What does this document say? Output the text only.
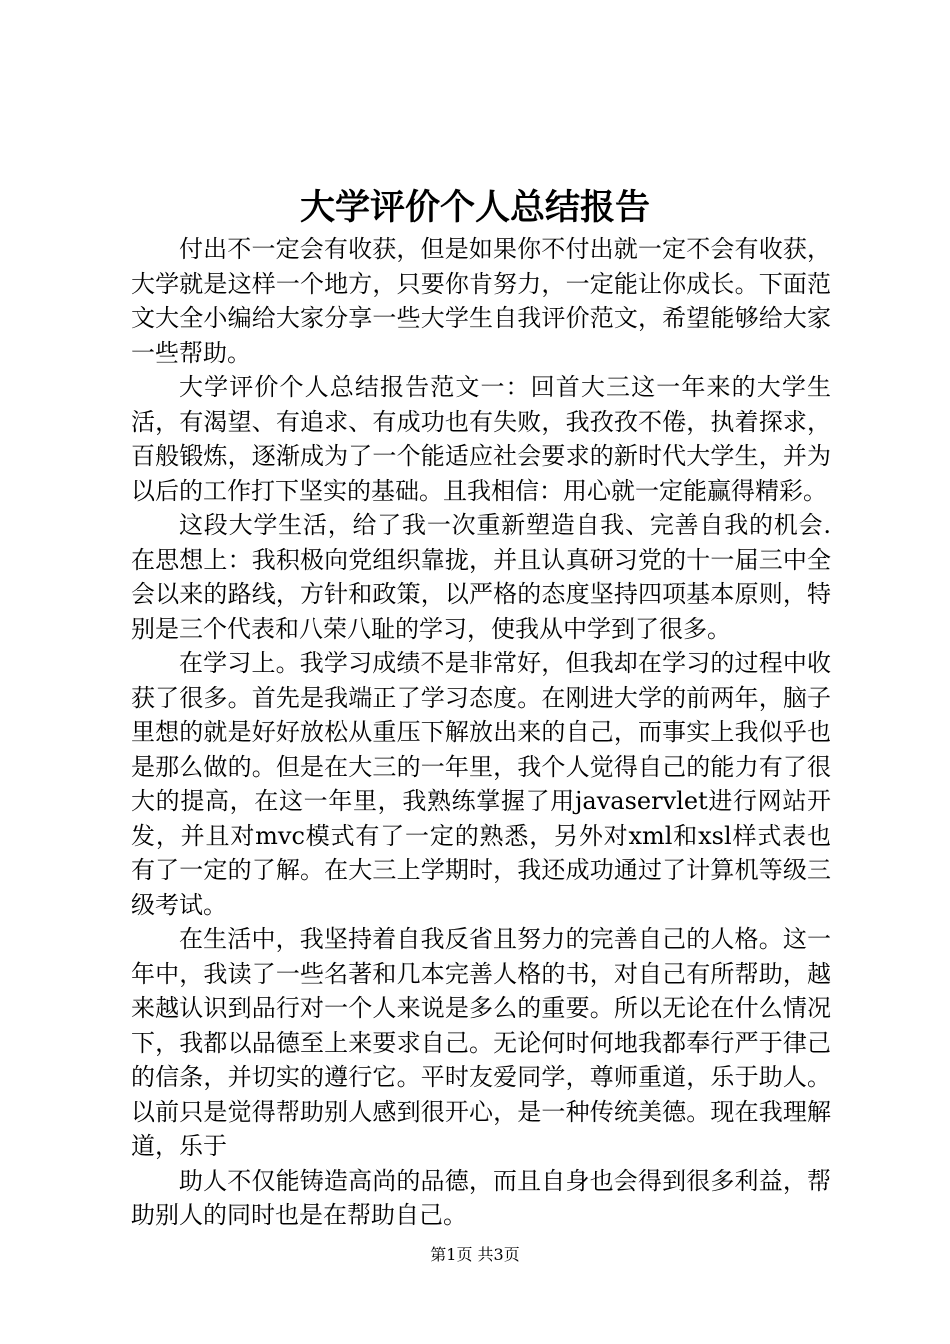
大学评价个人总结报告

付出不一定会有收获，但是如果你不付出就一定不会有收获，大学就是这样一个地方，只要你肯努力，一定能让你成长。下面范文大全小编给大家分享一些大学生自我评价范文，希望能够给大家一些帮助。

大学评价个人总结报告范文一：回首大三这一年来的大学生活，有渴望、有追求、有成功也有失败，我孜孜不倦，执着探求，百般锻炼，逐渐成为了一个能适应社会要求的新时代大学生，并为以后的工作打下坚实的基础。且我相信：用心就一定能赢得精彩。

这段大学生活，给了我一次重新塑造自我、完善自我的机会.在思想上：我积极向党组织靠拢，并且认真研习党的十一届三中全会以来的路线，方针和政策，以严格的态度坚持四项基本原则，特别是三个代表和八荣八耻的学习，使我从中学到了很多。

在学习上。我学习成绩不是非常好，但我却在学习的过程中收获了很多。首先是我端正了学习态度。在刚进大学的前两年，脑子里想的就是好好放松从重压下解放出来的自己，而事实上我似乎也是那么做的。但是在大三的一年里，我个人觉得自己的能力有了很大的提高，在这一年里，我熟练掌握了用javaservlet进行网站开发，并且对mvc模式有了一定的熟悉，另外对xml和xsl样式表也有了一定的了解。在大三上学期时，我还成功通过了计算机等级三级考试。

在生活中，我坚持着自我反省且努力的完善自己的人格。这一年中，我读了一些名著和几本完善人格的书，对自己有所帮助，越来越认识到品行对一个人来说是多么的重要。所以无论在什么情况下，我都以品德至上来要求自己。无论何时何地我都奉行严于律己的信条，并切实的遵行它。平时友爱同学，尊师重道，乐于助人。以前只是觉得帮助别人感到很开心，是一种传统美德。现在我理解道，乐于

助人不仅能铸造高尚的品德，而且自身也会得到很多利益，帮助别人的同时也是在帮助自己。

第1页 共3页
